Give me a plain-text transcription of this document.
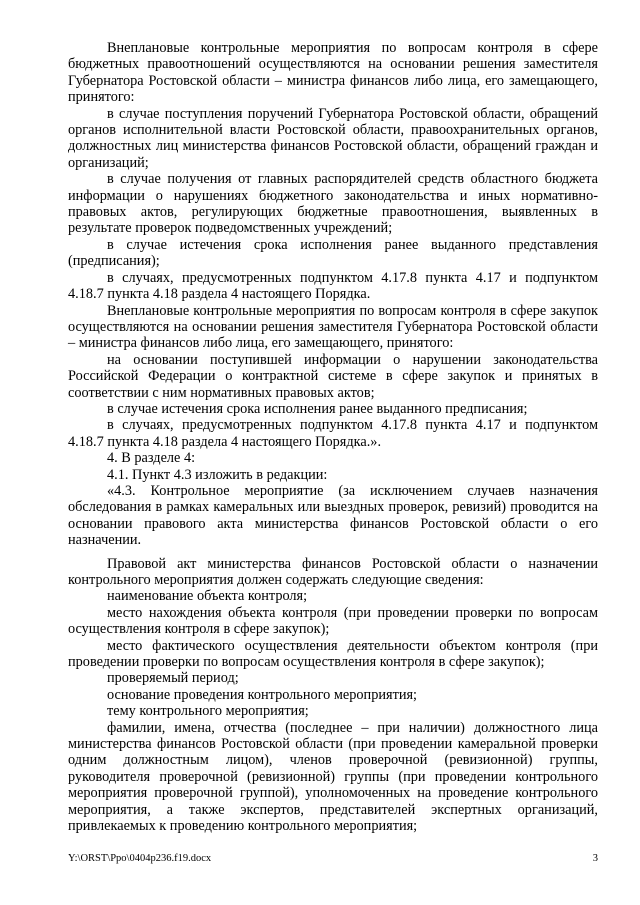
Внеплановые контрольные мероприятия по вопросам контроля в сфере бюджетных правоотношений осуществляются на основании решения заместителя Губернатора Ростовской области – министра финансов либо лица, его замещающего, принятого:

в случае поступления поручений Губернатора Ростовской области, обращений органов исполнительной власти Ростовской области, правоохранительных органов, должностных лиц министерства финансов Ростовской области, обращений граждан и организаций;

в случае получения от главных распорядителей средств областного бюджета информации о нарушениях бюджетного законодательства и иных нормативно-правовых актов, регулирующих бюджетные правоотношения, выявленных в результате проверок подведомственных учреждений;

в случае истечения срока исполнения ранее выданного представления (предписания);

в случаях, предусмотренных подпунктом 4.17.8 пункта 4.17 и подпунктом 4.18.7 пункта 4.18 раздела 4 настоящего Порядка.

Внеплановые контрольные мероприятия по вопросам контроля в сфере закупок осуществляются на основании решения заместителя Губернатора Ростовской области – министра финансов либо лица, его замещающего, принятого:

на основании поступившей информации о нарушении законодательства Российской Федерации о контрактной системе в сфере закупок и принятых в соответствии с ним нормативных правовых актов;

в случае истечения срока исполнения ранее выданного предписания;

в случаях, предусмотренных подпунктом 4.17.8 пункта 4.17 и подпунктом 4.18.7 пункта 4.18 раздела 4 настоящего Порядка.».

4. В разделе 4:

4.1. Пункт 4.3 изложить в редакции:

«4.3. Контрольное мероприятие (за исключением случаев назначения обследования в рамках камеральных или выездных проверок, ревизий) проводится на основании правового акта министерства финансов Ростовской области о его назначении.

Правовой акт министерства финансов Ростовской области о назначении контрольного мероприятия должен содержать следующие сведения:

наименование объекта контроля;

место нахождения объекта контроля (при проведении проверки по вопросам осуществления контроля в сфере закупок);

место фактического осуществления деятельности объектом контроля (при проведении проверки по вопросам осуществления контроля в сфере закупок);

проверяемый период;

основание проведения контрольного мероприятия;

тему контрольного мероприятия;

фамилии, имена, отчества (последнее – при наличии) должностного лица министерства финансов Ростовской области (при проведении камеральной проверки одним должностным лицом), членов проверочной (ревизионной) группы, руководителя проверочной (ревизионной) группы (при проведении контрольного мероприятия проверочной группой), уполномоченных на проведение контрольного мероприятия, а также экспертов, представителей экспертных организаций, привлекаемых к проведению контрольного мероприятия;

Y:\ORST\Ppo\0404p236.f19.docx	3
